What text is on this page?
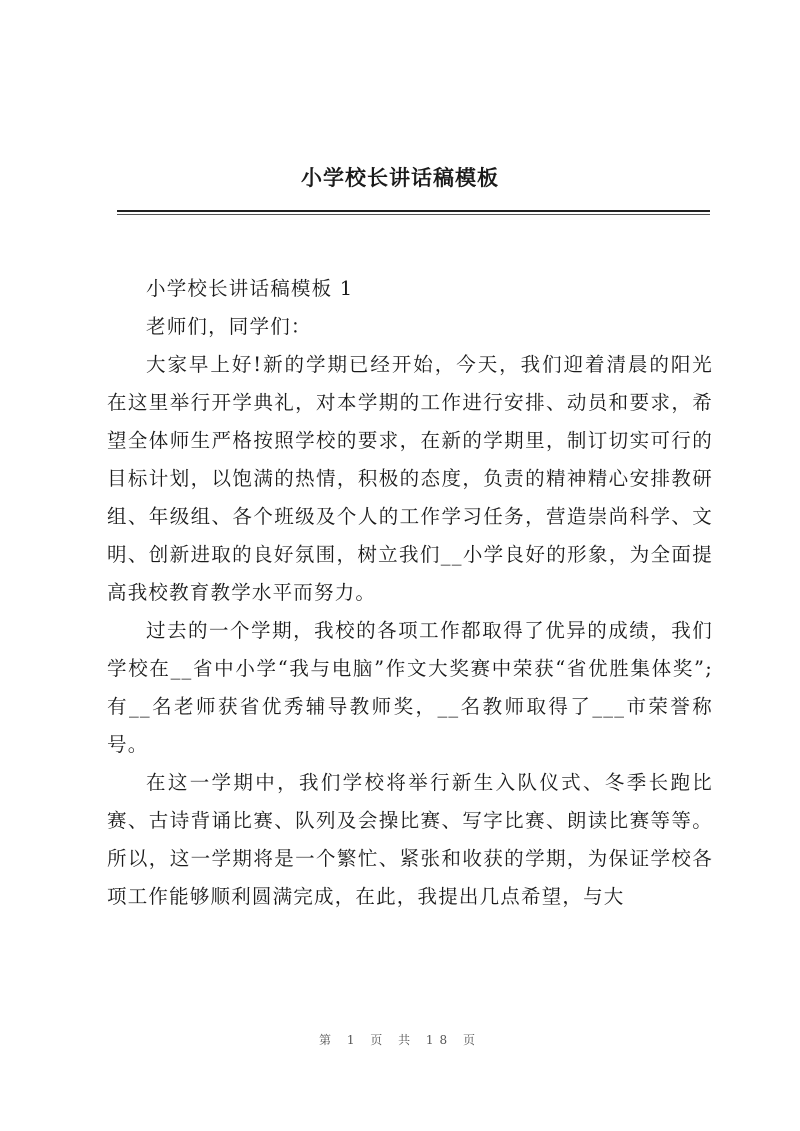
小学校长讲话稿模板

小学校长讲话稿模板 1

老师们，同学们：

大家早上好!新的学期已经开始，今天，我们迎着清晨的阳光在这里举行开学典礼，对本学期的工作进行安排、动员和要求，希望全体师生严格按照学校的要求，在新的学期里，制订切实可行的目标计划，以饱满的热情，积极的态度，负责的精神精心安排教研组、年级组、各个班级及个人的工作学习任务，营造崇尚科学、文明、创新进取的良好氛围，树立我们__小学良好的形象，为全面提高我校教育教学水平而努力。

过去的一个学期，我校的各项工作都取得了优异的成绩，我们学校在__省中小学“我与电脑”作文大奖赛中荣获“省优胜集体奖”;有__名老师获省优秀辅导教师奖，__名教师取得了___市荣誉称号。

在这一学期中，我们学校将举行新生入队仪式、冬季长跑比赛、古诗背诵比赛、队列及会操比赛、写字比赛、朗读比赛等等。所以，这一学期将是一个繁忙、紧张和收获的学期，为保证学校各项工作能够顺利圆满完成，在此，我提出几点希望，与大

第 1 页 共 18 页
